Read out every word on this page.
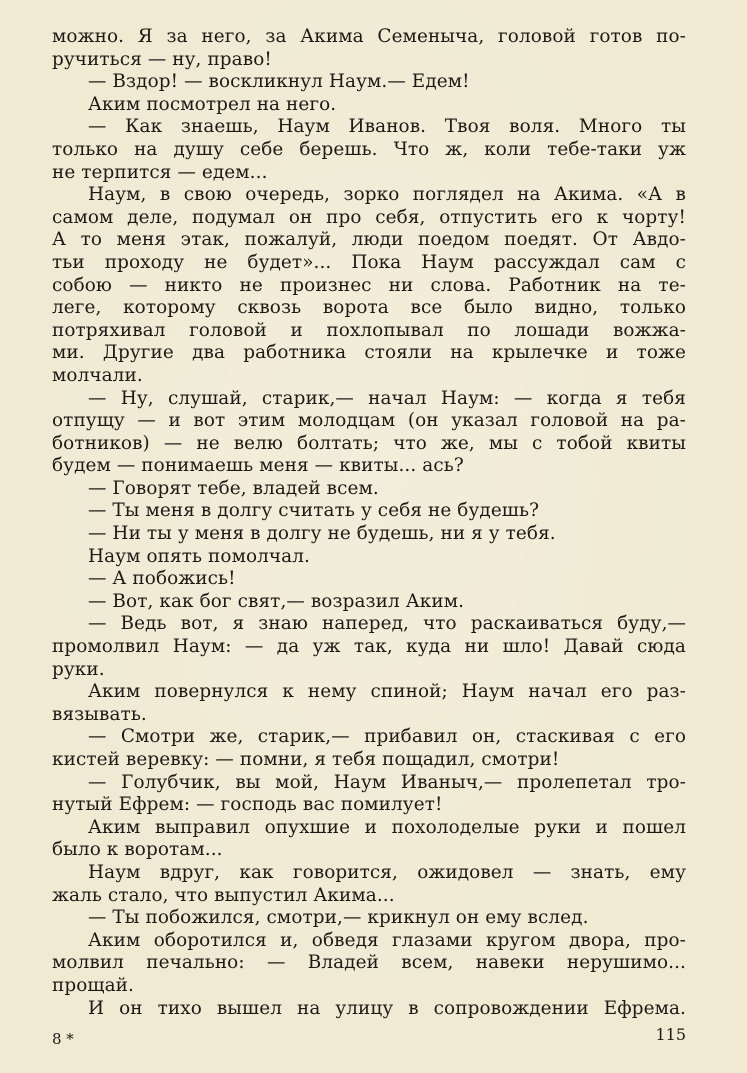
можно. Я за него, за Акима Семеныча, головой готов по-
ручиться — ну, право!
— Вздор! — воскликнул Наум.— Едем!
Аким посмотрел на него.
— Как знаешь, Наум Иванов. Твоя воля. Много ты
только на душу себе берешь. Что ж, коли тебе-таки уж
не терпится — едем...
Наум, в свою очередь, зорко поглядел на Акима. «А в
самом деле, подумал он про себя, отпустить его к чорту!
А то меня этак, пожалуй, люди поедом поедят. От Авдо-
тьи проходу не будет»... Пока Наум рассуждал сам с
собою — никто не произнес ни слова. Работник на те-
леге, которому сквозь ворота все было видно, только
потряхивал головой и похлопывал по лошади вожжа-
ми. Другие два работника стояли на крылечке и тоже
молчали.
— Ну, слушай, старик,— начал Наум: — когда я тебя
отпущу — и вот этим молодцам (он указал головой на ра-
ботников) — не велю болтать; что же, мы с тобой квиты
будем — понимаешь меня — квиты... ась?
— Говорят тебе, владей всем.
— Ты меня в долгу считать у себя не будешь?
— Ни ты у меня в долгу не будешь, ни я у тебя.
Наум опять помолчал.
— А побожись!
— Вот, как бог свят,— возразил Аким.
— Ведь вот, я знаю наперед, что раскаиваться буду,—
промолвил Наум: — да уж так, куда ни шло! Давай сюда
руки.
Аким повернулся к нему спиной; Наум начал его раз-
вязывать.
— Смотри же, старик,— прибавил он, стаскивая с его
кистей веревку: — помни, я тебя пощадил, смотри!
— Голубчик, вы мой, Наум Иваныч,— пролепетал тро-
нутый Ефрем: — господь вас помилует!
Аким выправил опухшие и похолоделые руки и пошел
было к воротам...
Наум вдруг, как говорится, ожидовел — знать, ему
жаль стало, что выпустил Акима...
— Ты побожился, смотри,— крикнул он ему вслед.
Аким оборотился и, обведя глазами кругом двора, про-
молвил печально: — Владей всем, навеки нерушимо...
прощай.
И он тихо вышел на улицу в сопровождении Ефрема.
8 *	115
